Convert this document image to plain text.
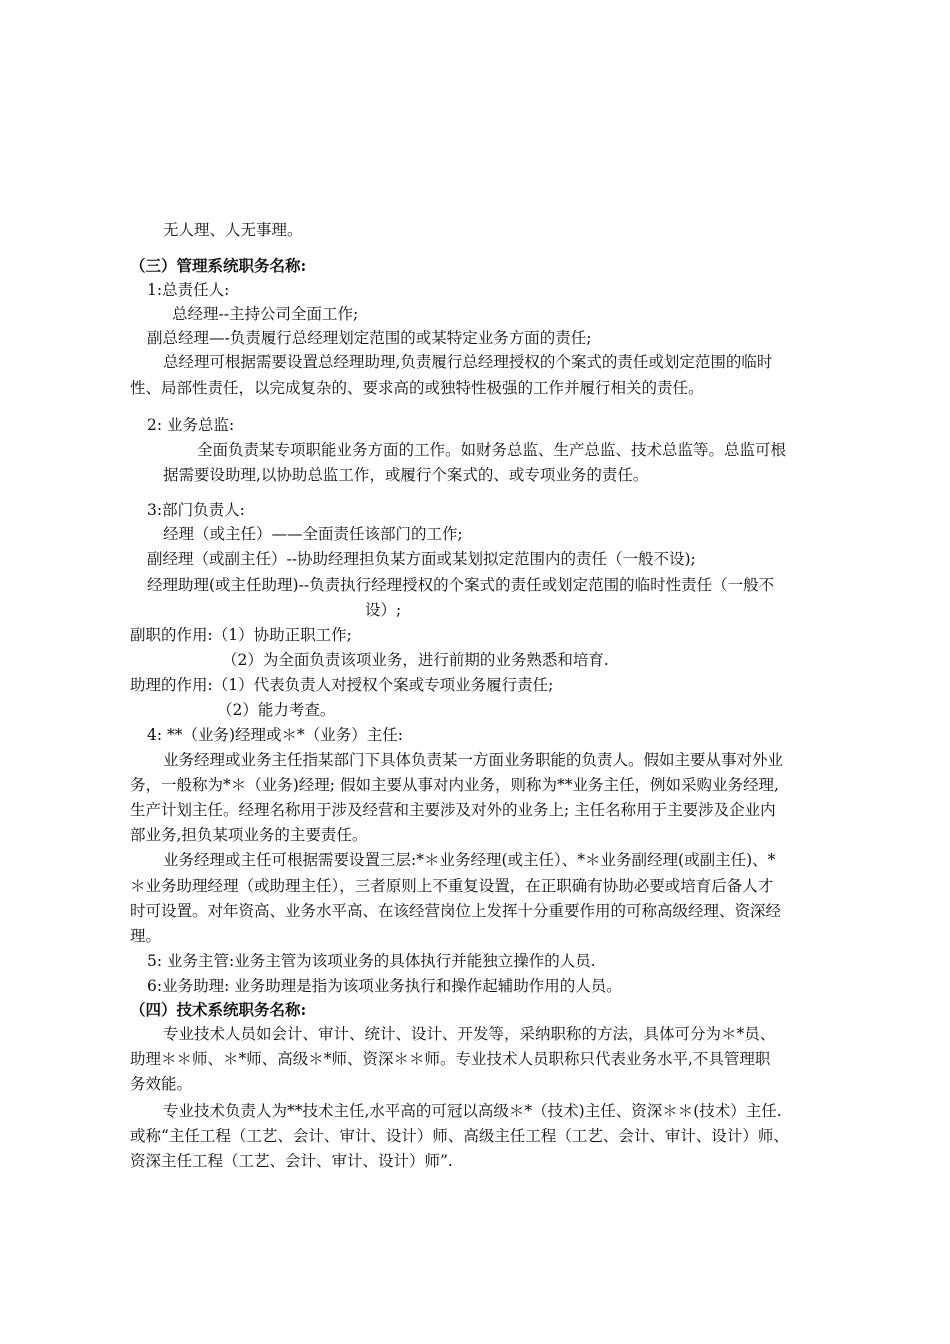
无人理、人无事理。
（三）管理系统职务名称:
1:总责任人:
总经理--主持公司全面工作;
副总经理—-负责履行总经理划定范围的或某特定业务方面的责任;
总经理可根据需要设置总经理助理,负责履行总经理授权的个案式的责任或划定范围的临时
性、局部性责任，以完成复杂的、要求高的或独特性极强的工作并履行相关的责任。
2: 业务总监:
全面负责某专项职能业务方面的工作。如财务总监、生产总监、技术总监等。总监可根
据需要设助理,以协助总监工作，或履行个案式的、或专项业务的责任。
3:部门负责人:
经理（或主任）——全面责任该部门的工作;
副经理（或副主任）--协助经理担负某方面或某划拟定范围内的责任（一般不设);
经理助理(或主任助理)--负责执行经理授权的个案式的责任或划定范围的临时性责任（一般不
设）;
副职的作用:（1）协助正职工作;
（2）为全面负责该项业务，进行前期的业务熟悉和培育.
助理的作用:（1）代表负责人对授权个案或专项业务履行责任;
（2）能力考查。
4: **（业务)经理或＊*（业务）主任:
业务经理或业务主任指某部门下具体负责某一方面业务职能的负责人。假如主要从事对外业
务，一般称为*＊（业务)经理; 假如主要从事对内业务，则称为**业务主任，例如采购业务经理,
生产计划主任。经理名称用于涉及经营和主要涉及对外的业务上; 主任名称用于主要涉及企业内
部业务,担负某项业务的主要责任。
业务经理或主任可根据需要设置三层:*＊业务经理(或主任）、*＊业务副经理(或副主任)、*
＊业务助理经理（或助理主任），三者原则上不重复设置，在正职确有协助必要或培育后备人才
时可设置。对年资高、业务水平高、在该经营岗位上发挥十分重要作用的可称高级经理、资深经
理。
5: 业务主管:业务主管为该项业务的具体执行并能独立操作的人员.
6:业务助理: 业务助理是指为该项业务执行和操作起辅助作用的人员。
（四）技术系统职务名称:
专业技术人员如会计、审计、统计、设计、开发等，采纳职称的方法，具体可分为＊*员、
助理＊＊师、＊*师、高级＊*师、资深＊＊师。专业技术人员职称只代表业务水平,不具管理职
务效能。
专业技术负责人为**技术主任,水平高的可冠以高级＊*（技术)主任、资深＊＊(技术）主任.
或称“主任工程（工艺、会计、审计、设计）师、高级主任工程（工艺、会计、审计、设计）师、
资深主任工程（工艺、会计、审计、设计）师”.
